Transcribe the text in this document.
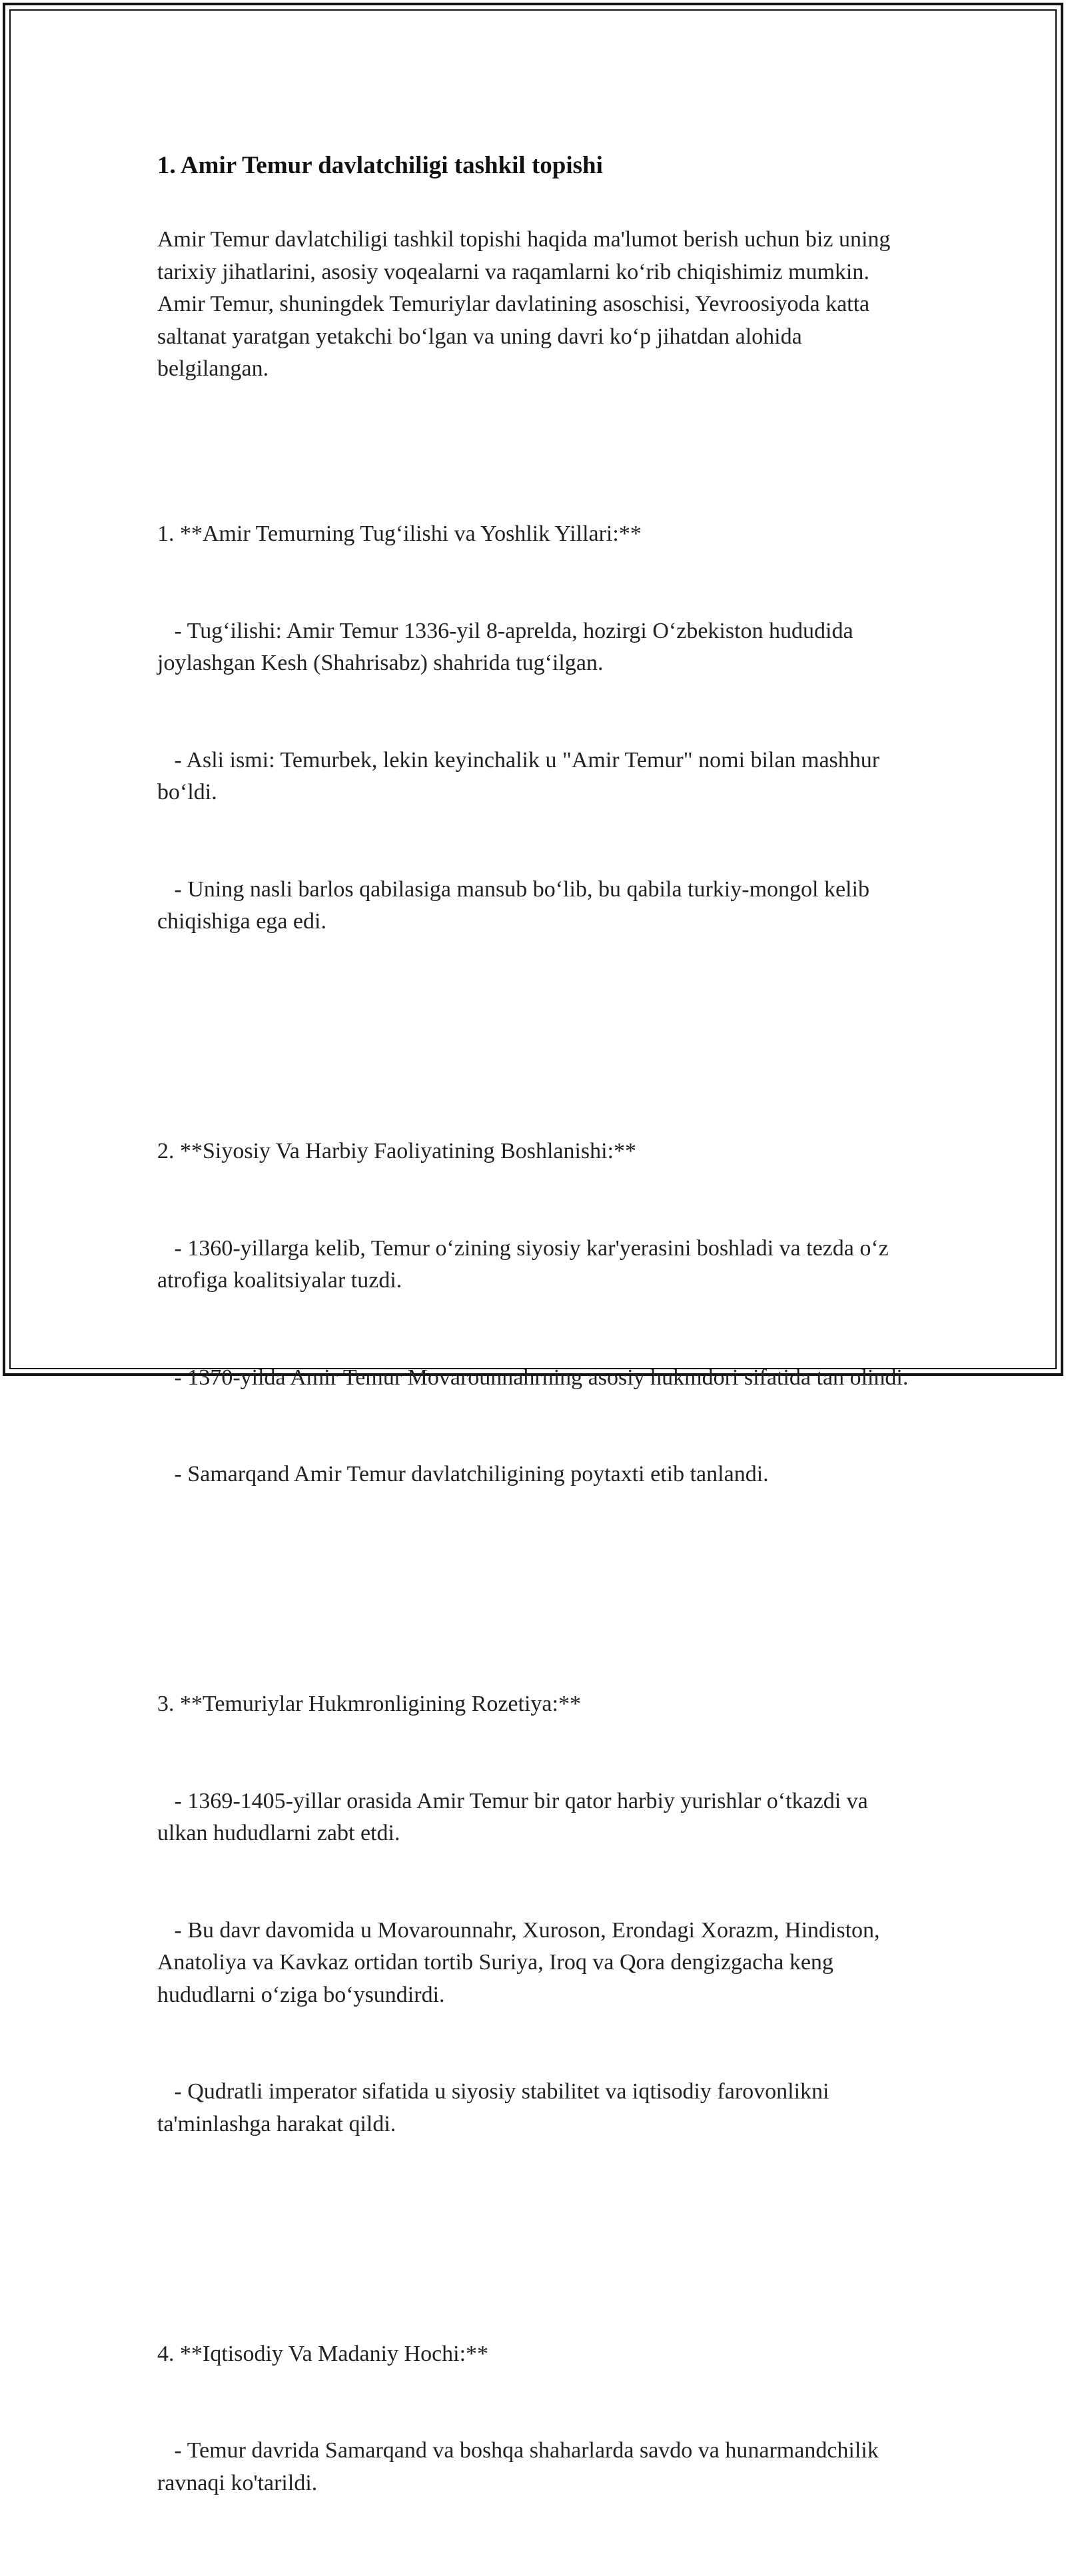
1. Amir Temur davlatchiligi tashkil topishi

Amir Temur davlatchiligi tashkil topishi haqida ma'lumot berish uchun biz uning tarixiy jihatlarini, asosiy voqealarni va raqamlarni koʻrib chiqishimiz mumkin. Amir Temur, shuningdek Temuriylar davlatining asoschisi, Yevroosiyoda katta saltanat yaratgan yetakchi boʻlgan va uning davri koʻp jihatdan alohida belgilangan.

1. **Amir Temurning Tugʻilishi va Yoshlik Yillari:**

- Tugʻilishi: Amir Temur 1336-yil 8-aprelda, hozirgi Oʻzbekiston hududida joylashgan Kesh (Shahrisabz) shahrida tugʻilgan.

- Asli ismi: Temurbek, lekin keyinchalik u "Amir Temur" nomi bilan mashhur boʻldi.

- Uning nasli barlos qabilasiga mansub boʻlib, bu qabila turkiy-mongol kelib chiqishiga ega edi.

2. **Siyosiy Va Harbiy Faoliyatining Boshlanishi:**

- 1360-yillarga kelib, Temur oʻzining siyosiy kar'yerasini boshladi va tezda oʻz atrofiga koalitsiyalar tuzdi.

- 1370-yilda Amir Temur Movarounnahrning asosiy hukmdori sifatida tan olindi.

- Samarqand Amir Temur davlatchiligining poytaxti etib tanlandi.

3. **Temuriylar Hukmronligining Rozetiya:**

- 1369-1405-yillar orasida Amir Temur bir qator harbiy yurishlar oʻtkazdi va ulkan hududlarni zabt etdi.

- Bu davr davomida u Movarounnahr, Xuroson, Erondagi Xorazm, Hindiston, Anatoliya va Kavkaz ortidan tortib Suriya, Iroq va Qora dengizgacha keng hududlarni oʻziga boʻysundirdi.

- Qudratli imperator sifatida u siyosiy stabilitet va iqtisodiy farovonlikni ta'minlashga harakat qildi.

4. **Iqtisodiy Va Madaniy Hochi:**

- Temur davrida Samarqand va boshqa shaharlarda savdo va hunarmandchilik ravnaqi ko'tarildi.
